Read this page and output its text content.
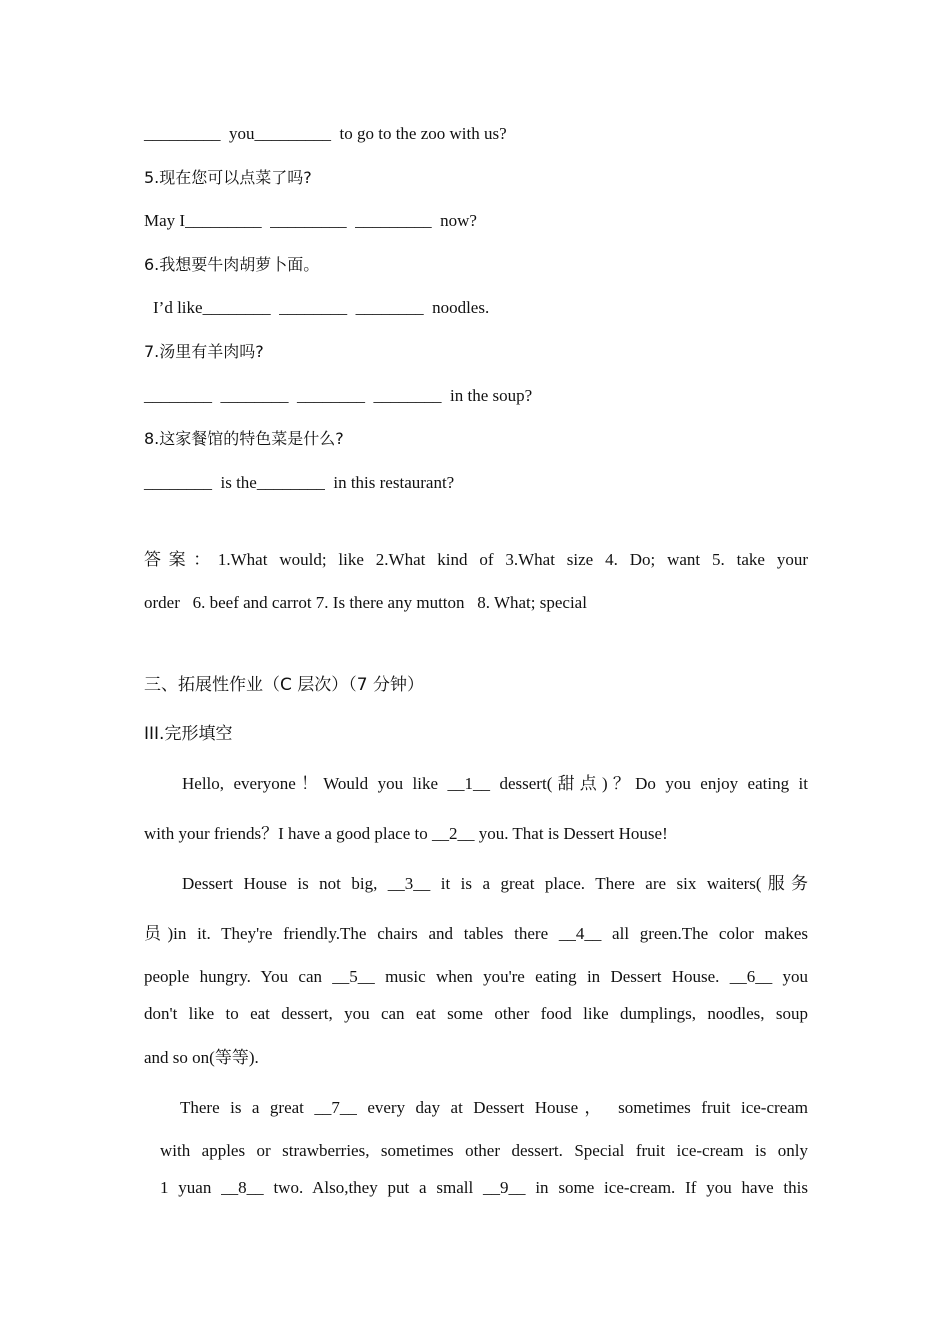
_________  you_________  to go to the zoo with us?
5.现在您可以点菜了吗?
May I_________  _________  _________  now?
6.我想要牛肉胡萝卜面。
I’d like________  ________  ________  noodles.
7.汤里有羊肉吗?
________  ________  ________  ________  in the soup?
8.这家餐馆的特色菜是什么?
________  is the________  in this restaurant?
答案：1.What would; like 2.What kind of 3.What size 4. Do; want 5. take your
order   6. beef and carrot 7. Is there any mutton   8. What; special
三、拓展性作业（C 层次）（7 分钟）
III.完形填空
Hello, everyone！Would you like __1__ dessert(甜点)？Do you enjoy eating it
with your friends？I have a good place to __2__ you. That is Dessert House!
Dessert House is not big, __3__ it is a great place. There are six waiters(服务
员)in it. They're friendly.The chairs and tables there __4__ all green.The color makes
people hungry. You can __5__ music when you're eating in Dessert House. __6__ you
don't like to eat dessert, you can eat some other food like dumplings, noodles, soup
and so on(等等).
There is a great __7__ every day at Dessert House， sometimes fruit ice-cream
with apples or strawberries, sometimes other dessert. Special fruit ice-cream is only
1 yuan __8__ two. Also,they put a small __9__ in some ice-cream. If you have this
